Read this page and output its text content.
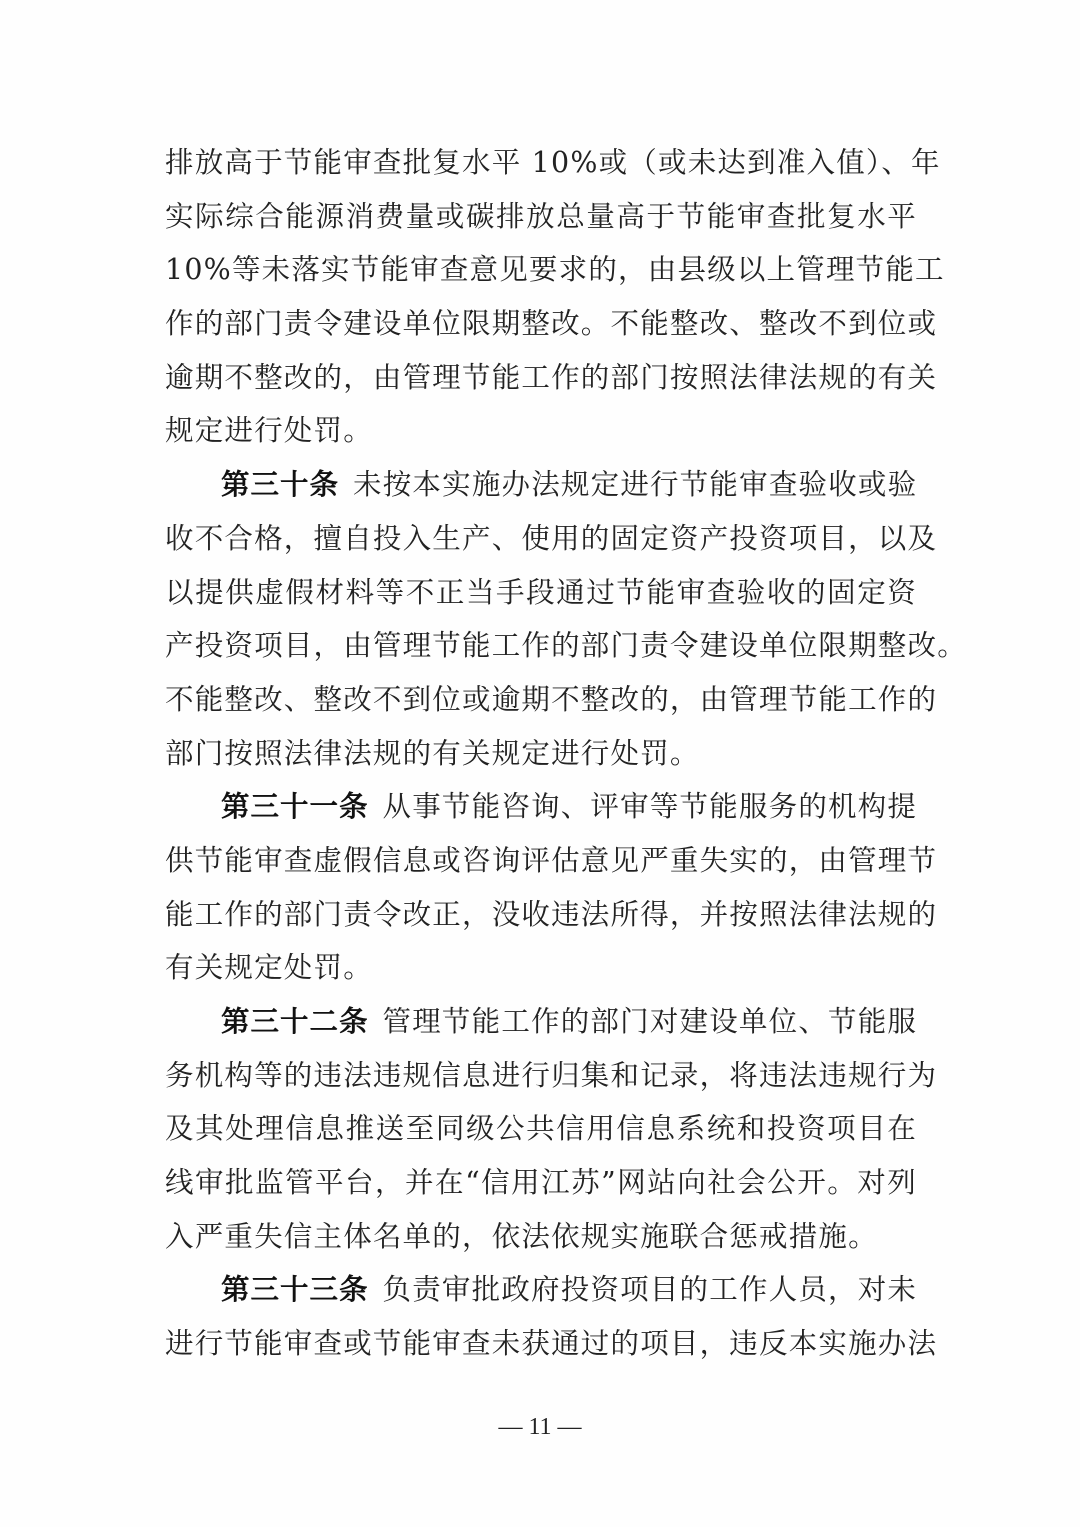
排放高于节能审查批复水平 10%或（或未达到准入值）、年
实际综合能源消费量或碳排放总量高于节能审查批复水平
10%等未落实节能审查意见要求的，由县级以上管理节能工
作的部门责令建设单位限期整改。不能整改、整改不到位或
逾期不整改的，由管理节能工作的部门按照法律法规的有关
规定进行处罚。
第三十条 未按本实施办法规定进行节能审查验收或验
收不合格，擅自投入生产、使用的固定资产投资项目，以及
以提供虚假材料等不正当手段通过节能审查验收的固定资
产投资项目，由管理节能工作的部门责令建设单位限期整改。
不能整改、整改不到位或逾期不整改的，由管理节能工作的
部门按照法律法规的有关规定进行处罚。
第三十一条 从事节能咨询、评审等节能服务的机构提
供节能审查虚假信息或咨询评估意见严重失实的，由管理节
能工作的部门责令改正，没收违法所得，并按照法律法规的
有关规定处罚。
第三十二条 管理节能工作的部门对建设单位、节能服
务机构等的违法违规信息进行归集和记录，将违法违规行为
及其处理信息推送至同级公共信用信息系统和投资项目在
线审批监管平台，并在“信用江苏”网站向社会公开。对列
入严重失信主体名单的，依法依规实施联合惩戒措施。
第三十三条 负责审批政府投资项目的工作人员，对未
进行节能审查或节能审查未获通过的项目，违反本实施办法
— 11 —
